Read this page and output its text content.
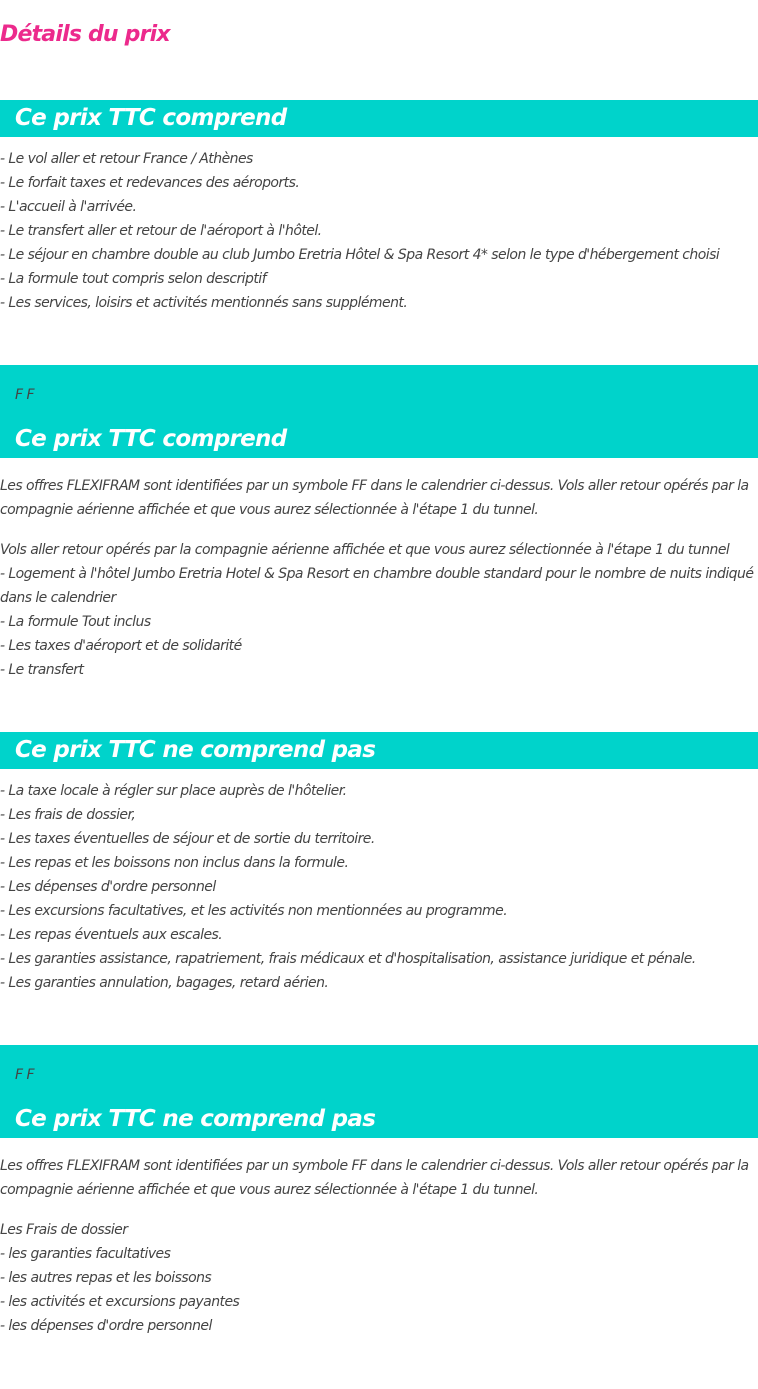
Détails du prix
Ce prix TTC comprend
- Le vol aller et retour France / Athènes
- Le forfait taxes et redevances des aéroports.
- L'accueil à l'arrivée.
- Le transfert aller et retour de l'aéroport à l'hôtel.
- Le séjour en chambre double au club Jumbo Eretria Hôtel & Spa Resort 4* selon le type d'hébergement choisi
- La formule tout compris selon descriptif
- Les services, loisirs et activités mentionnés sans supplément.
F F
Ce prix TTC comprend

Les offres FLEXIFRAM sont identifiées par un symbole FF dans le calendrier ci-dessus. Vols aller retour opérés par la compagnie aérienne affichée et que vous aurez sélectionnée à l'étape 1 du tunnel.

Vols aller retour opérés par la compagnie aérienne affichée et que vous aurez sélectionnée à l'étape 1 du tunnel
- Logement à l'hôtel Jumbo Eretria Hotel & Spa Resort en chambre double standard pour le nombre de nuits indiqué dans le calendrier
- La formule Tout inclus
- Les taxes d'aéroport et de solidarité
- Le transfert
Ce prix TTC ne comprend pas
- La taxe locale à régler sur place auprès de l'hôtelier.
- Les frais de dossier,
- Les taxes éventuelles de séjour et de sortie du territoire.
- Les repas et les boissons non inclus dans la formule.
- Les dépenses d'ordre personnel
- Les excursions facultatives, et les activités non mentionnées au programme.
- Les repas éventuels aux escales.
- Les garanties assistance, rapatriement, frais médicaux et d'hospitalisation, assistance juridique et pénale.
- Les garanties annulation, bagages, retard aérien.
F F
Ce prix TTC ne comprend pas

Les offres FLEXIFRAM sont identifiées par un symbole FF dans le calendrier ci-dessus. Vols aller retour opérés par la compagnie aérienne affichée et que vous aurez sélectionnée à l'étape 1 du tunnel.

Les Frais de dossier
- les garanties facultatives
- les autres repas et les boissons
- les activités et excursions payantes
- les dépenses d'ordre personnel
